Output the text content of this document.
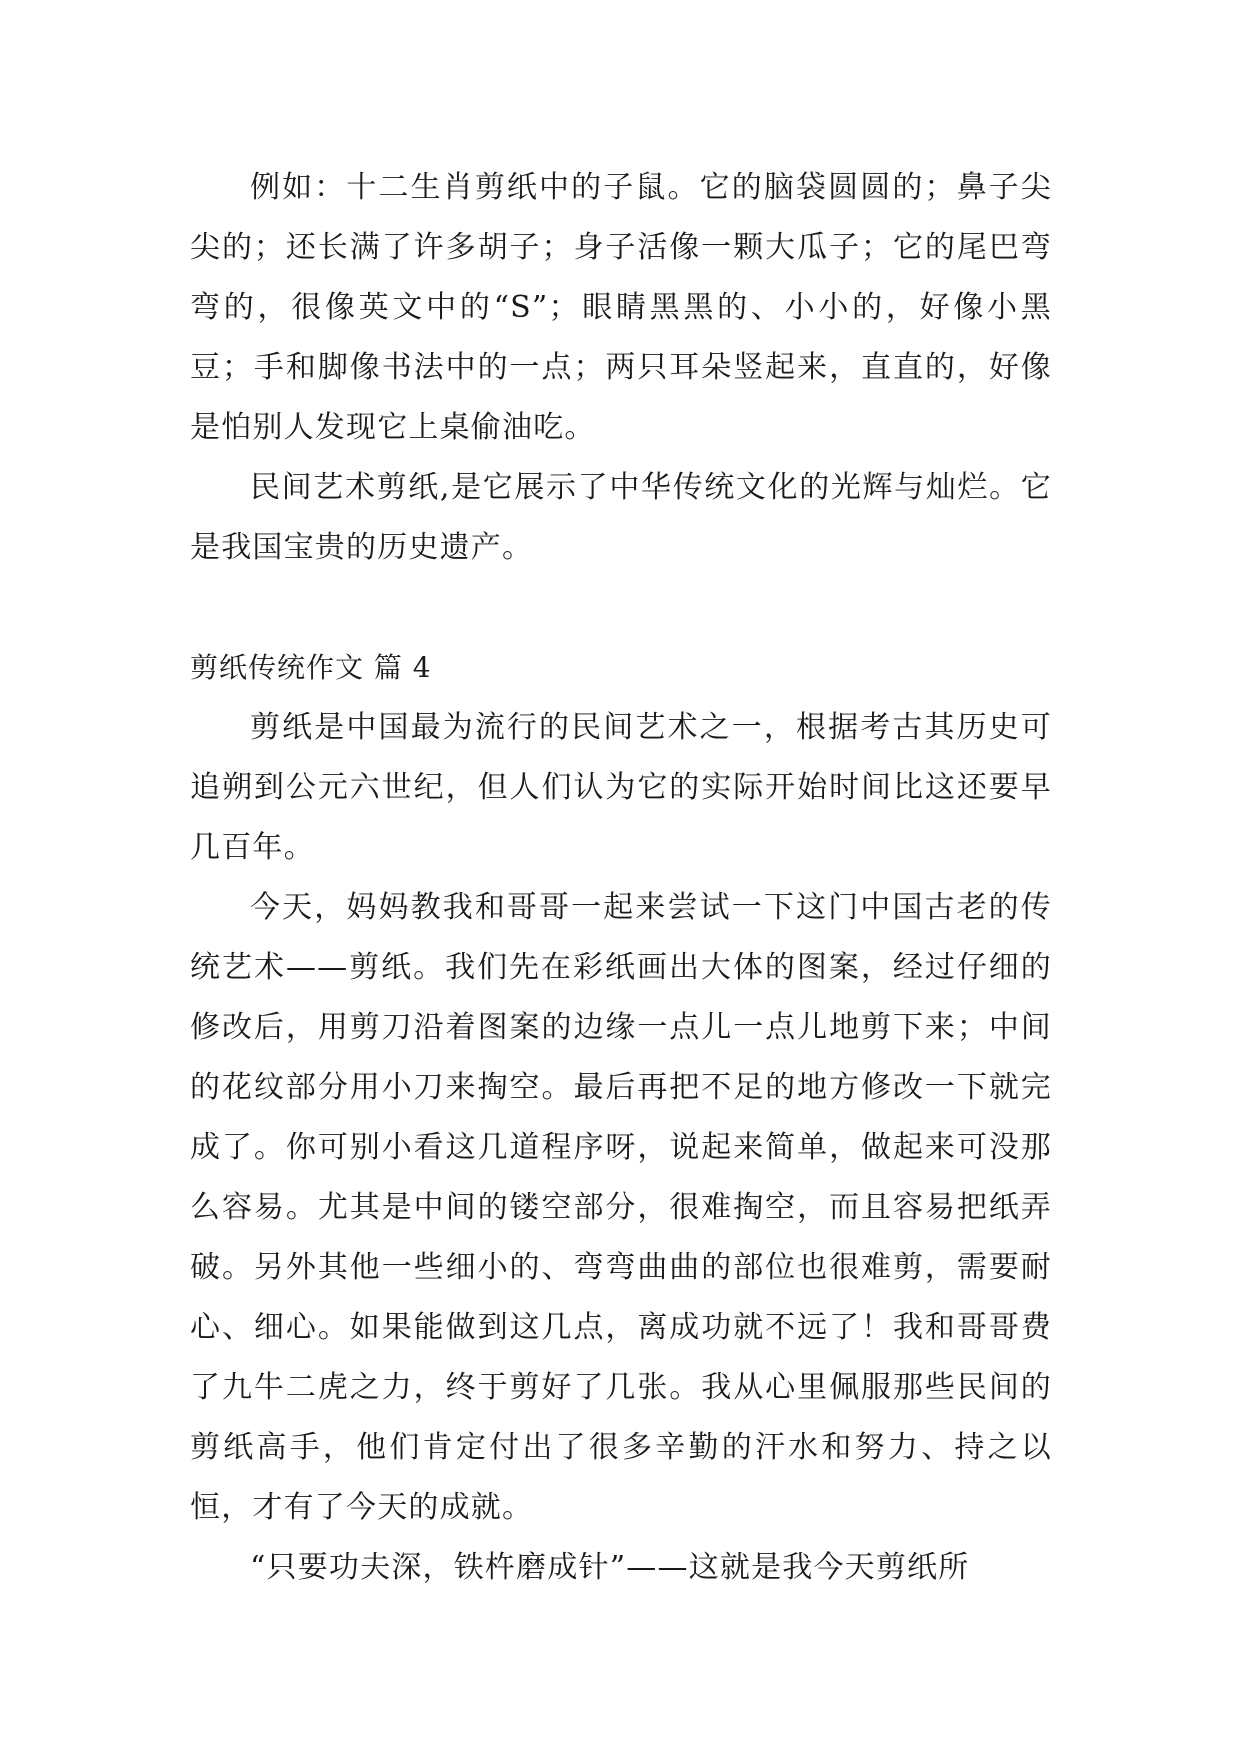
例如：十二生肖剪纸中的子鼠。它的脑袋圆圆的；鼻子尖尖的；还长满了许多胡子；身子活像一颗大瓜子；它的尾巴弯弯的，很像英文中的“S”；眼睛黑黑的、小小的，好像小黑豆；手和脚像书法中的一点；两只耳朵竖起来，直直的，好像是怕别人发现它上桌偷油吃。

民间艺术剪纸,是它展示了中华传统文化的光辉与灿烂。它是我国宝贵的历史遗产。

剪纸传统作文 篇 4

剪纸是中国最为流行的民间艺术之一，根据考古其历史可追朔到公元六世纪，但人们认为它的实际开始时间比这还要早几百年。

今天，妈妈教我和哥哥一起来尝试一下这门中国古老的传统艺术——剪纸。我们先在彩纸画出大体的图案，经过仔细的修改后，用剪刀沿着图案的边缘一点儿一点儿地剪下来；中间的花纹部分用小刀来掏空。最后再把不足的地方修改一下就完成了。你可别小看这几道程序呀，说起来简单，做起来可没那么容易。尤其是中间的镂空部分，很难掏空，而且容易把纸弄破。另外其他一些细小的、弯弯曲曲的部位也很难剪，需要耐心、细心。如果能做到这几点，离成功就不远了！我和哥哥费了九牛二虎之力，终于剪好了几张。我从心里佩服那些民间的剪纸高手，他们肯定付出了很多辛勤的汗水和努力、持之以恒，才有了今天的成就。

“只要功夫深，铁杵磨成针”——这就是我今天剪纸所
